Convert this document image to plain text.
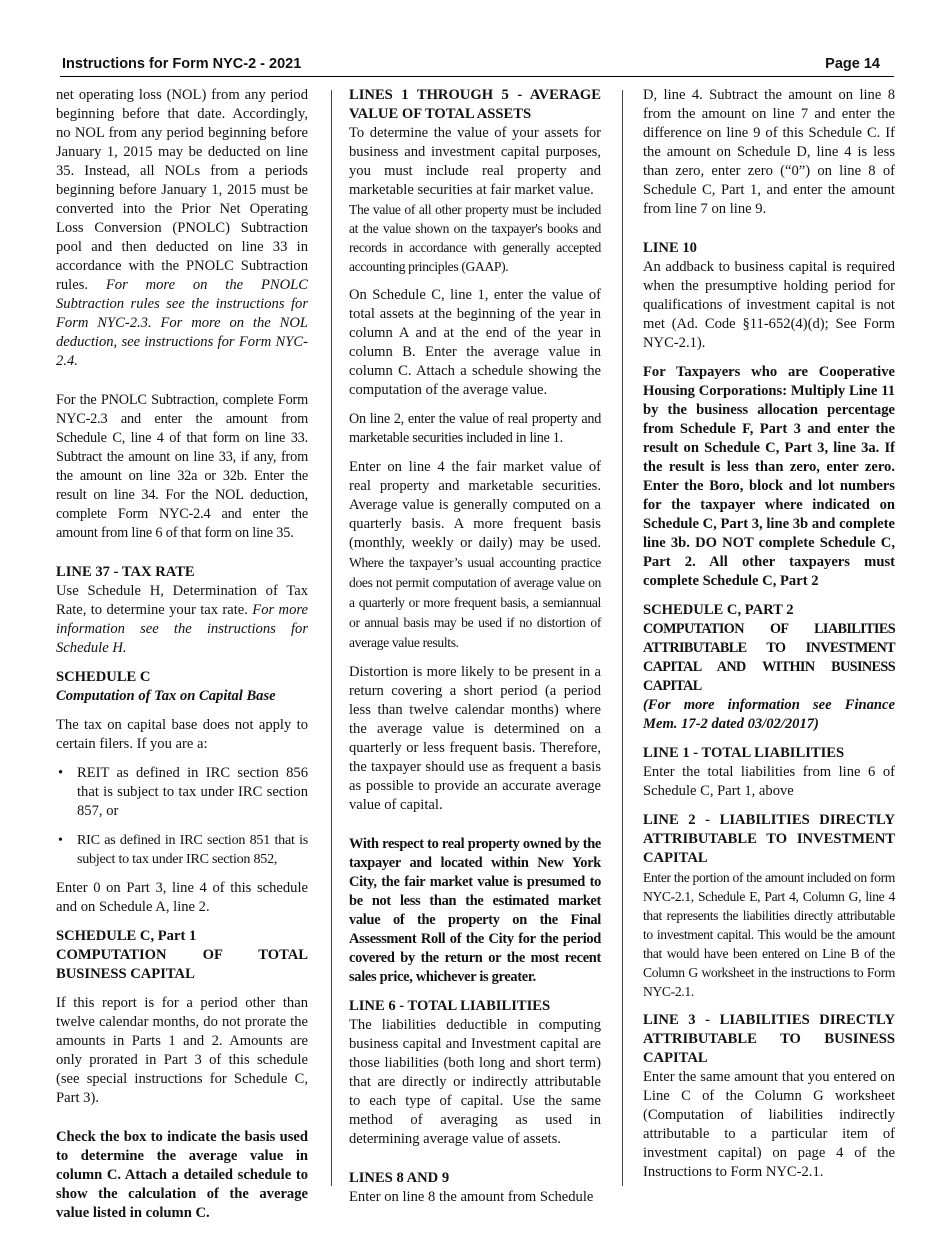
Instructions for Form NYC-2 - 2021	Page 14

net operating loss (NOL) from any period beginning before that date. Accordingly, no NOL from any period beginning before January 1, 2015 may be deducted on line 35. Instead, all NOLs from a periods beginning before January 1, 2015 must be converted into the Prior Net Operating Loss Conversion (PNOLC) Subtraction pool and then deducted on line 33 in accordance with the PNOLC Subtraction rules. For more on the PNOLC Subtraction rules see the instructions for Form NYC-2.3. For more on the NOL deduction, see instructions for Form NYC-2.4.

For the PNOLC Subtraction, complete Form NYC-2.3 and enter the amount from Schedule C, line 4 of that form on line 33. Subtract the amount on line 33, if any, from the amount on line 32a or 32b. Enter the result on line 34. For the NOL deduction, complete Form NYC-2.4 and enter the amount from line 6 of that form on line 35.

LINE 37 - TAX RATE

Use Schedule H, Determination of Tax Rate, to determine your tax rate. For more information see the instructions for Schedule H.

SCHEDULE C

Computation of Tax on Capital Base

The tax on capital base does not apply to certain filers. If you are a:

• REIT as defined in IRC section 856 that is subject to tax under IRC section 857, or
• RIC as defined in IRC section 851 that is subject to tax under IRC section 852,

Enter 0 on Part 3, line 4 of this schedule and on Schedule A, line 2.

SCHEDULE C, Part 1

COMPUTATION OF TOTAL BUSINESS CAPITAL

If this report is for a period other than twelve calendar months, do not prorate the amounts in Parts 1 and 2. Amounts are only prorated in Part 3 of this schedule (see special instructions for Schedule C, Part 3).

Check the box to indicate the basis used to determine the average value in column C. Attach a detailed schedule to show the calculation of the average value listed in column C.

LINES 1 THROUGH 5 - AVERAGE VALUE OF TOTAL ASSETS

To determine the value of your assets for business and investment capital purposes, you must include real property and marketable securities at fair market value.

The value of all other property must be included at the value shown on the taxpayer's books and records in accordance with generally accepted accounting principles (GAAP).

On Schedule C, line 1, enter the value of total assets at the beginning of the year in column A and at the end of the year in column B. Enter the average value in column C. Attach a schedule showing the computation of the average value.

On line 2, enter the value of real property and marketable securities included in line 1.

Enter on line 4 the fair market value of real property and marketable securities. Average value is generally computed on a quarterly basis. A more frequent basis (monthly, weekly or daily) may be used. Where the taxpayer’s usual accounting practice does not permit computation of average value on a quarterly or more frequent basis, a semiannual or annual basis may be used if no distortion of average value results.

Distortion is more likely to be present in a return covering a short period (a period less than twelve calendar months) where the average value is determined on a quarterly or less frequent basis. Therefore, the taxpayer should use as frequent a basis as possible to provide an accurate average value of capital.

With respect to real property owned by the taxpayer and located within New York City, the fair market value is presumed to be not less than the estimated market value of the property on the Final Assessment Roll of the City for the period covered by the return or the most recent sales price, whichever is greater.

LINE 6 - TOTAL LIABILITIES

The liabilities deductible in computing business capital and Investment capital are those liabilities (both long and short term) that are directly or indirectly attributable to each type of capital. Use the same method of averaging as used in determining average value of assets.

LINES 8 AND 9

Enter on line 8 the amount from Schedule

D, line 4. Subtract the amount on line 8 from the amount on line 7 and enter the difference on line 9 of this Schedule C. If the amount on Schedule D, line 4 is less than zero, enter zero (“0”) on line 8 of Schedule C, Part 1, and enter the amount from line 7 on line 9.

LINE 10

An addback to business capital is required when the presumptive holding period for qualifications of investment capital is not met (Ad. Code §11-652(4)(d); See Form NYC-2.1).

For Taxpayers who are Cooperative Housing Corporations: Multiply Line 11 by the business allocation percentage from Schedule F, Part 3 and enter the result on Schedule C, Part 3, line 3a. If the result is less than zero, enter zero. Enter the Boro, block and lot numbers for the taxpayer where indicated on Schedule C, Part 3, line 3b and complete line 3b. DO NOT complete Schedule C, Part 2. All other taxpayers must complete Schedule C, Part 2

SCHEDULE C, PART 2
COMPUTATION OF LIABILITIES ATTRIBUTABLE TO INVESTMENT CAPITAL AND WITHIN BUSINESS CAPITAL

(For more information see Finance Mem. 17-2 dated 03/02/2017)

LINE 1 - TOTAL LIABILITIES

Enter the total liabilities from line 6 of Schedule C, Part 1, above

LINE 2 - LIABILITIES DIRECTLY ATTRIBUTABLE TO INVESTMENT CAPITAL

Enter the portion of the amount included on form NYC-2.1, Schedule E, Part 4, Column G, line 4 that represents the liabilities directly attributable to investment capital. This would be the amount that would have been entered on Line B of the Column G worksheet in the instructions to Form NYC-2.1.

LINE 3 - LIABILITIES DIRECTLY ATTRIBUTABLE TO BUSINESS CAPITAL

Enter the same amount that you entered on Line C of the Column G worksheet (Computation of liabilities indirectly attributable to a particular item of investment capital) on page 4 of the Instructions to Form NYC-2.1.
